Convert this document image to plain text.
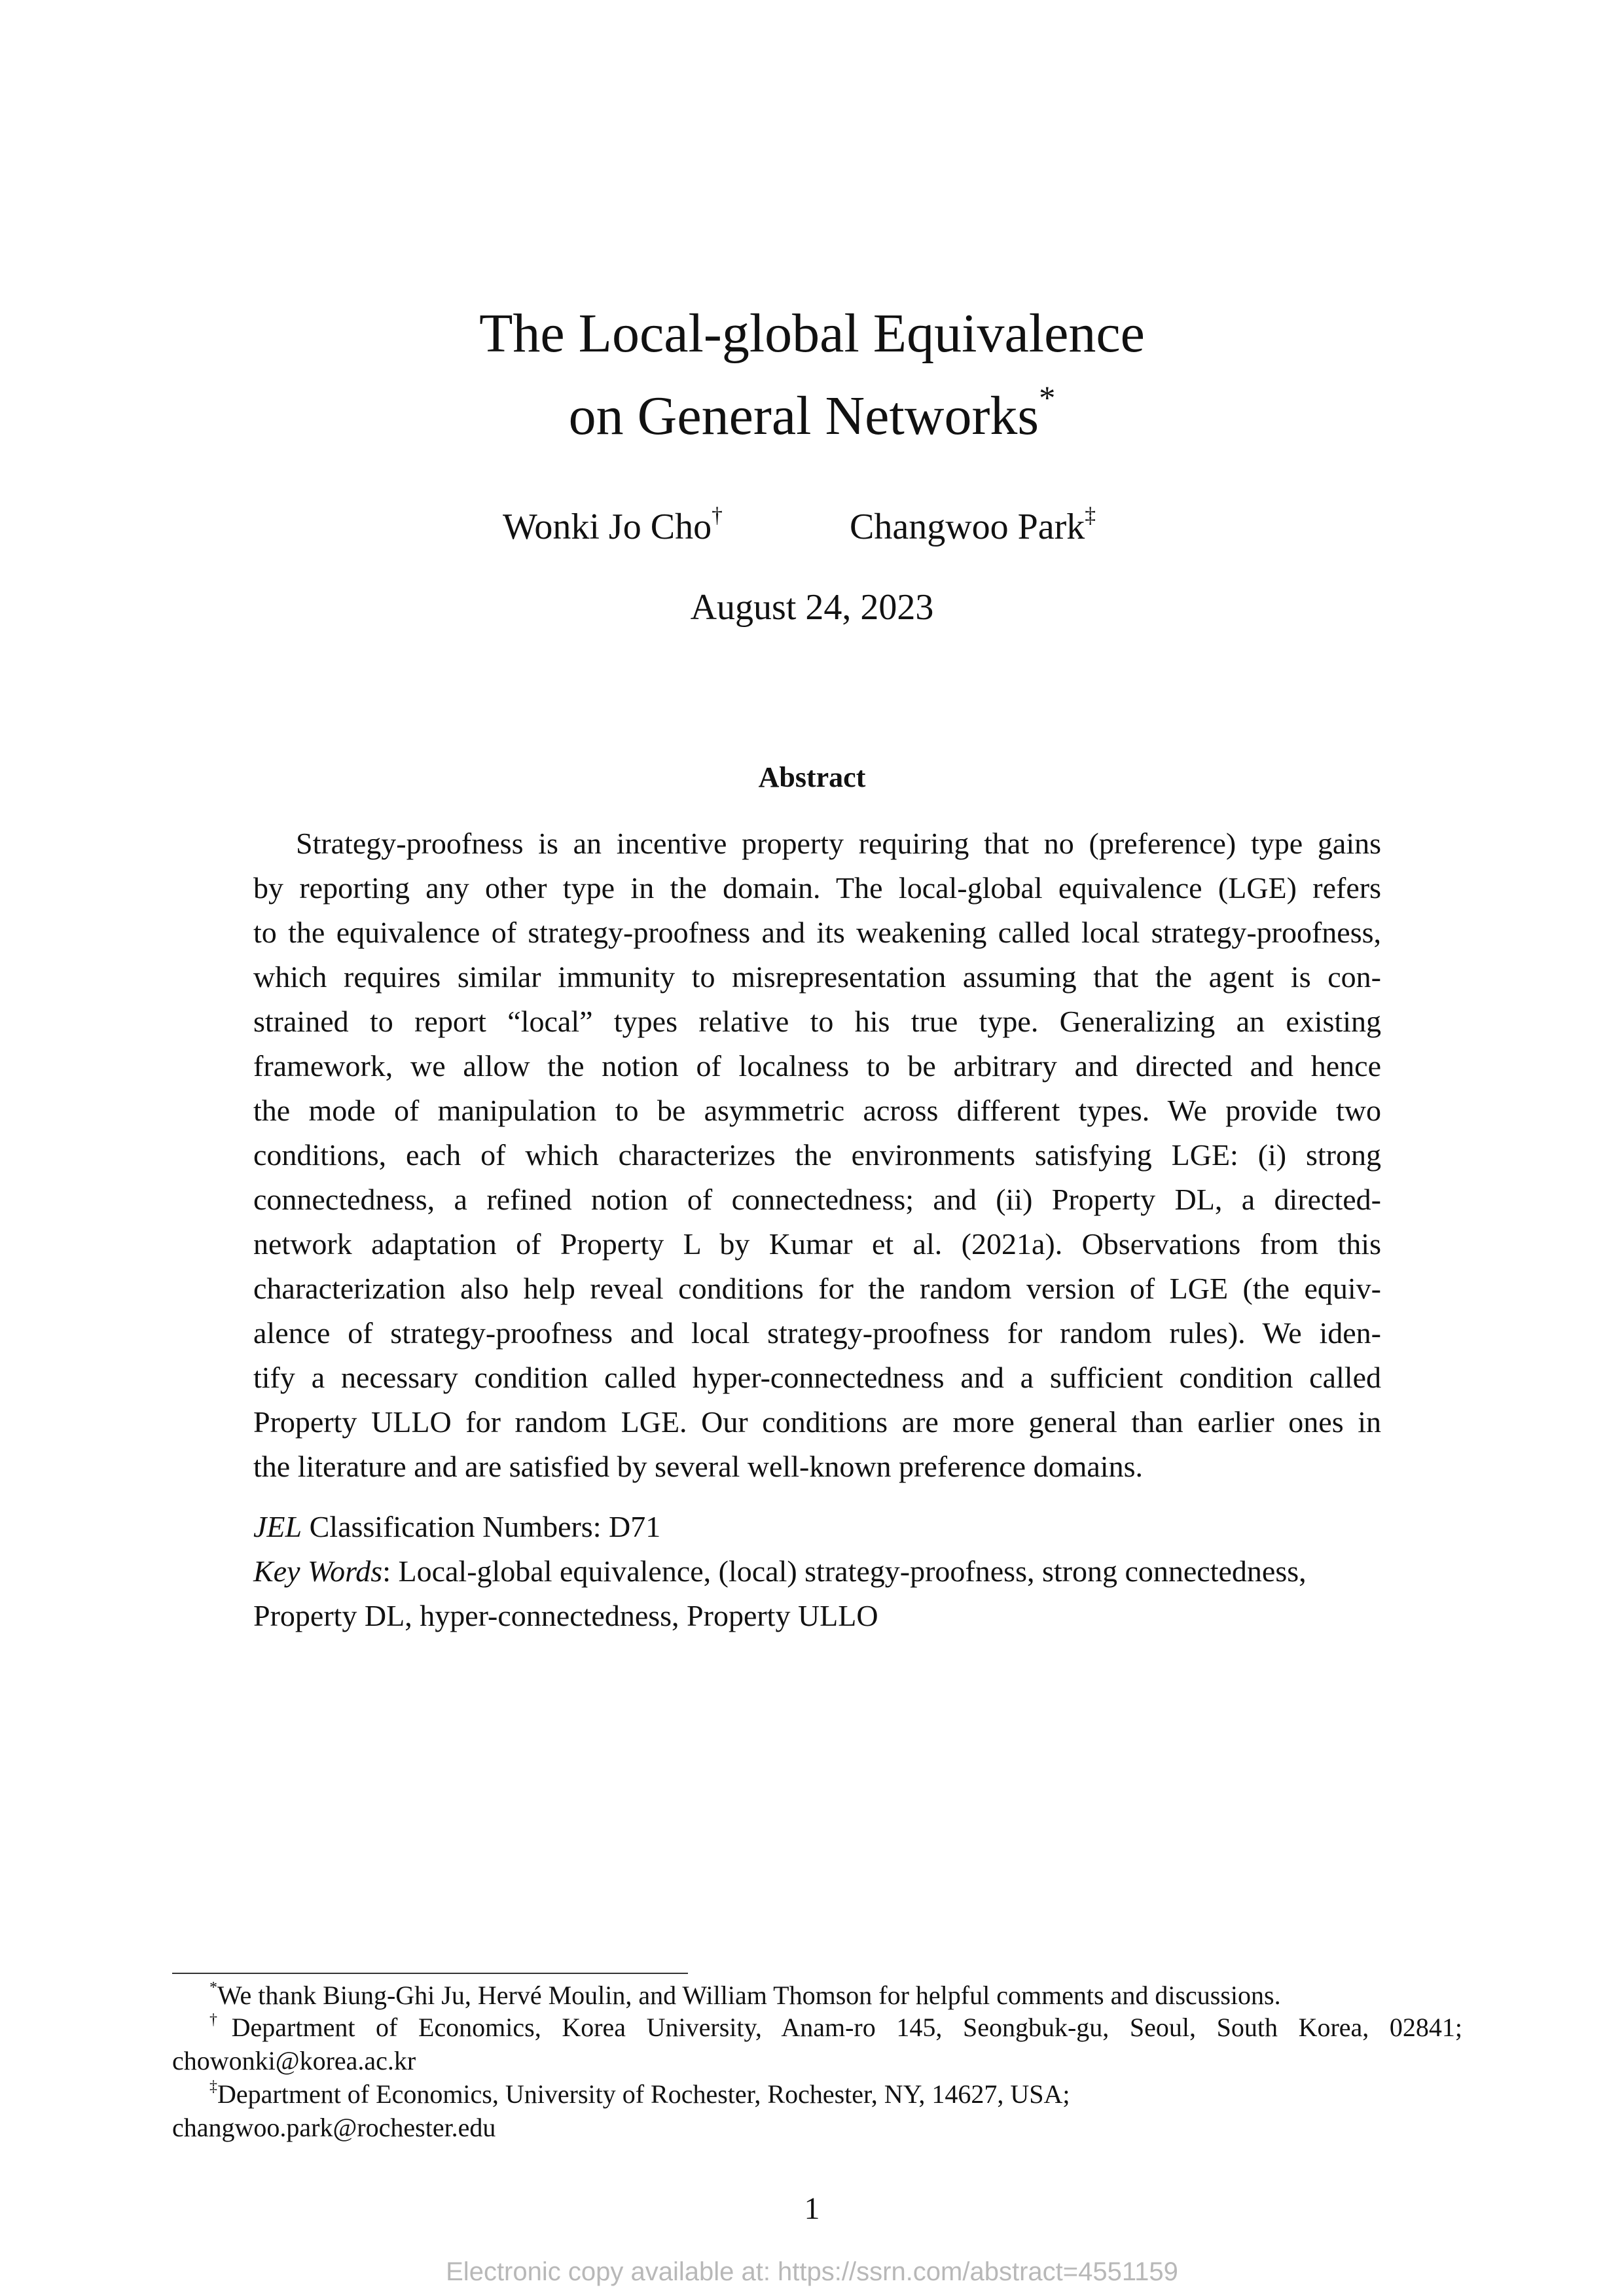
The Local-global Equivalence
on General Networks*
Wonki Jo Cho†	Changwoo Park‡
August 24, 2023
Abstract
Strategy-proofness is an incentive property requiring that no (preference) type gains
by reporting any other type in the domain. The local-global equivalence (LGE) refers
to the equivalence of strategy-proofness and its weakening called local strategy-proofness,
which requires similar immunity to misrepresentation assuming that the agent is con-
strained to report “local” types relative to his true type. Generalizing an existing
framework, we allow the notion of localness to be arbitrary and directed and hence
the mode of manipulation to be asymmetric across different types. We provide two
conditions, each of which characterizes the environments satisfying LGE: (i) strong
connectedness, a refined notion of connectedness; and (ii) Property DL, a directed-
network adaptation of Property L by Kumar et al. (2021a). Observations from this
characterization also help reveal conditions for the random version of LGE (the equiv-
alence of strategy-proofness and local strategy-proofness for random rules). We iden-
tify a necessary condition called hyper-connectedness and a sufficient condition called
Property ULLO for random LGE. Our conditions are more general than earlier ones in
the literature and are satisfied by several well-known preference domains.
JEL Classification Numbers: D71
Key Words: Local-global equivalence, (local) strategy-proofness, strong connectedness,
Property DL, hyper-connectedness, Property ULLO
*We thank Biung-Ghi Ju, Hervé Moulin, and William Thomson for helpful comments and discussions.
†Department of Economics, Korea University, Anam-ro 145, Seongbuk-gu, Seoul, South Korea, 02841;
chowonki@korea.ac.kr
‡Department of Economics, University of Rochester, Rochester, NY, 14627, USA;
changwoo.park@rochester.edu
1
Electronic copy available at: https://ssrn.com/abstract=4551159
